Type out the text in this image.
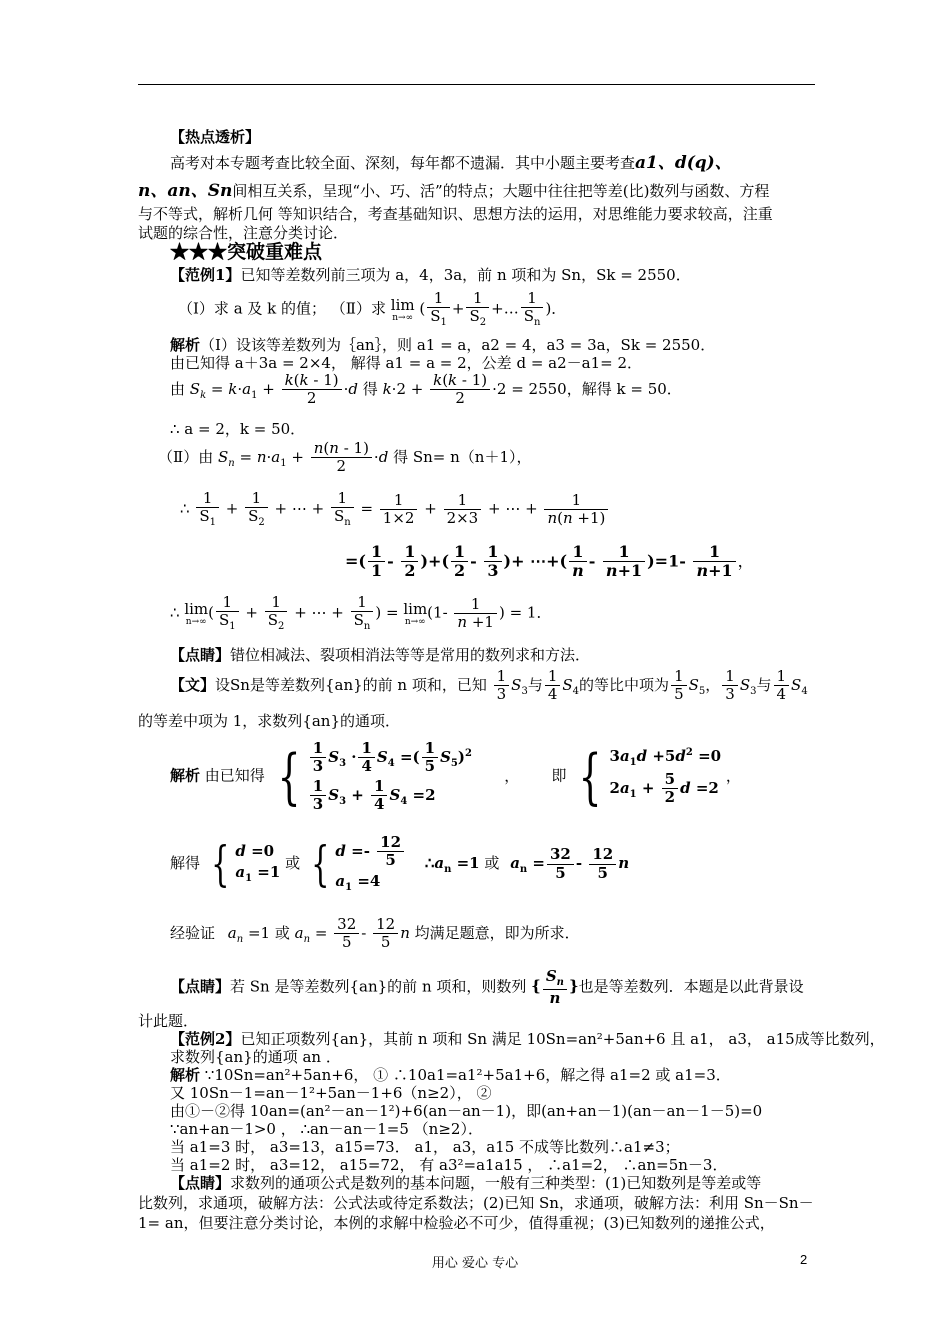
【热点透析】
高考对本专题考查比较全面、深刻，每年都不遗漏．其中小题主要考查a1、d(q)、
n、an、Sn间相互关系，呈现“小、巧、活”的特点；大题中往往把等差(比)数列与函数、方程
与不等式，解析几何 等知识结合，考查基础知识、思想方法的运用，对思维能力要求较高，注重
试题的综合性，注意分类讨论．
★★★突破重难点
【范例1】已知等差数列前三项为 a，4，3a，前 n 项和为 Sn，Sk = 2550．
（Ⅰ）求 a 及 k 的值； （Ⅱ）求 lim
n→∞
( $\frac{1}{S_1} + \frac{1}{S_2}$ +… $\frac{1}{S_n}$ )．
解析（Ⅰ）设该等差数列为｛an｝，则 a1 = a，a2 = 4，a3 = 3a，Sk = 2550．
由已知得 a＋3a = 2×4， 解得 a1 = a = 2，公差 d = a2－a1= 2．
由 $S_k = k\cdot a_1 + \frac{k(k - 1)}{2} \cdot d$ 得 $k\cdot 2 + \frac{k(k - 1)}{2} \cdot 2 = 2550$，解得 k = 50．
∴ a = 2，k = 50．
（Ⅱ）由 $S_n = n\cdot a_1 + \frac{n(n - 1)}{2} \cdot d$ 得 Sn= n（n＋1），
∴ $\frac{1}{S_1} + \frac{1}{S_2}$ + ⋯ + $\frac{1}{S_n} = \frac{1}{1\times 2} + \frac{1}{2\times 3}$ + ⋯ + $\frac{1}{n(n +1)}$
=( $\frac{1}{1} - \frac{1}{2}$ )+( $\frac{1}{2} - \frac{1}{3}$ )+ ⋯+( $\frac{1}{n} - \frac{1}{n+1} )=1- \frac{1}{n+1}$ ，
∴ lim
n→∞
( $\frac{1}{S_1} + \frac{1}{S_2}$ + ⋯ + $\frac{1}{S_n}$ ) = lim
n→∞
($1- \frac{1}{n +1}$ ) = 1．
【点睛】错位相减法、裂项相消法等等是常用的数列求和方法．
【文】设Sn是等差数列{an}的前 n 项和，已知 $\frac{1}{3} S_3$与 $\frac{1}{4} S_4$的等比中项为 $\frac{1}{5} S_5$， $\frac{1}{3} S_3$与 $\frac{1}{4} S_4$
的等差中项为 1，求数列{an}的通项．
解析 由已知得 { $\frac{1}{3} S_3 \cdot \frac{1}{4} S_4$ =( $\frac{1}{5} S_5)^2$
$\frac{1}{3} S_3 + \frac{1}{4} S_4 =2$
， 即 { $3a_1d +5d^2 =0$
$2a_1 + \frac{5}{2}$ d =2
，
解得 { d =0
$a_1 =1$
或 { $d =- \frac{12}{5}$
$a_1 =4$
$\therefore a_n =1$ 或 $a_n = \frac{32}{5} - \frac{12}{5}$ n
经验证 $a_n =1$ 或 $a_n = \frac{32}{5} - \frac{12}{5}$ n 均满足题意，即为所求．
【点睛】若 Sn 是等差数列{an}的前 n 项和，则数列 { $\frac{S_n}{n}$ }也是等差数列．本题是以此背景设
计此题．
【范例2】已知正项数列{an}，其前 n 项和 Sn 满足 10Sn=an²+5an+6 且 a1， a3， a15成等比数列，
求数列{an}的通项 an ．
解析 ∵10Sn=an²+5an+6， ① ∴10a1=a1²+5a1+6，解之得 a1=2 或 a1=3．
又 10Sn－1=an－1²+5an－1+6（n≥2）， ②
由①－②得 10an=(an²－an－1²)+6(an－an－1)，即(an+an－1)(an－an－1－5)=0
∵an+an－1>0 ， ∴an－an－1=5 （n≥2）．
当 a1=3 时， a3=13，a15=73． a1， a3，a15 不成等比数列∴a1≠3；
当 a1=2 时， a3=12， a15=72， 有 a3²=a1a15 ， ∴a1=2， ∴an=5n－3．
【点睛】求数列的通项公式是数列的基本问题，一般有三种类型：(1)已知数列是等差或等
比数列，求通项，破解方法：公式法或待定系数法；(2)已知 Sn，求通项，破解方法：利用 Sn－Sn－
1= an，但要注意分类讨论，本例的求解中检验必不可少，值得重视；(3)已知数列的递推公式，
用心 爱心 专心	2
